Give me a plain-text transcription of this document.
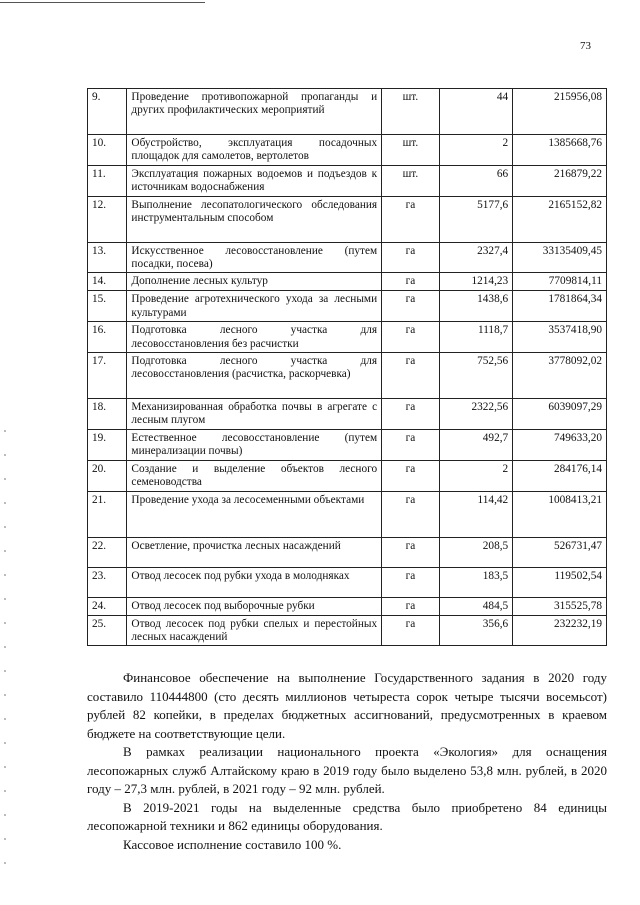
73
9.	Проведение противопожарной пропаганды и других профилактических мероприятий	шт.	44	215956,08
10.	Обустройство, эксплуатация посадочных площадок для самолетов, вертолетов	шт.	2	1385668,76
11.	Эксплуатация пожарных водоемов и подъездов к источникам водоснабжения	шт.	66	216879,22
12.	Выполнение лесопатологического обследования инструментальным способом	га	5177,6	2165152,82
13.	Искусственное лесовосстановление (путем посадки, посева)	га	2327,4	33135409,45
14.	Дополнение лесных культур	га	1214,23	7709814,11
15.	Проведение агротехнического ухода за лесными культурами	га	1438,6	1781864,34
16.	Подготовка лесного участка для лесовосстановления без расчистки	га	1118,7	3537418,90
17.	Подготовка лесного участка для лесовосстановления (расчистка, раскорчевка)	га	752,56	3778092,02
18.	Механизированная обработка почвы в агрегате с лесным плугом	га	2322,56	6039097,29
19.	Естественное лесовосстановление (путем минерализации почвы)	га	492,7	749633,20
20.	Создание и выделение объектов лесного семеноводства	га	2	284176,14
21.	Проведение ухода за лесосеменными объектами	га	114,42	1008413,21
22.	Осветление, прочистка лесных насаждений	га	208,5	526731,47
23.	Отвод лесосек под рубки ухода в молодняках	га	183,5	119502,54
24.	Отвод лесосек под выборочные рубки	га	484,5	315525,78
25.	Отвод лесосек под рубки спелых и перестойных лесных насаждений	га	356,6	232232,19

Финансовое обеспечение на выполнение Государственного задания в 2020 году составило 110444800 (сто десять миллионов четыреста сорок четыре тысячи восемьсот) рублей 82 копейки, в пределах бюджетных ассигнований, предусмотренных в краевом бюджете на соответствующие цели.

В рамках реализации национального проекта «Экология» для оснащения лесопожарных служб Алтайскому краю в 2019 году было выделено 53,8 млн. рублей, в 2020 году – 27,3 млн. рублей, в 2021 году – 92 млн. рублей.

В 2019-2021 годы на выделенные средства было приобретено 84 единицы лесопожарной техники и 862 единицы оборудования.

Кассовое исполнение составило 100 %.
